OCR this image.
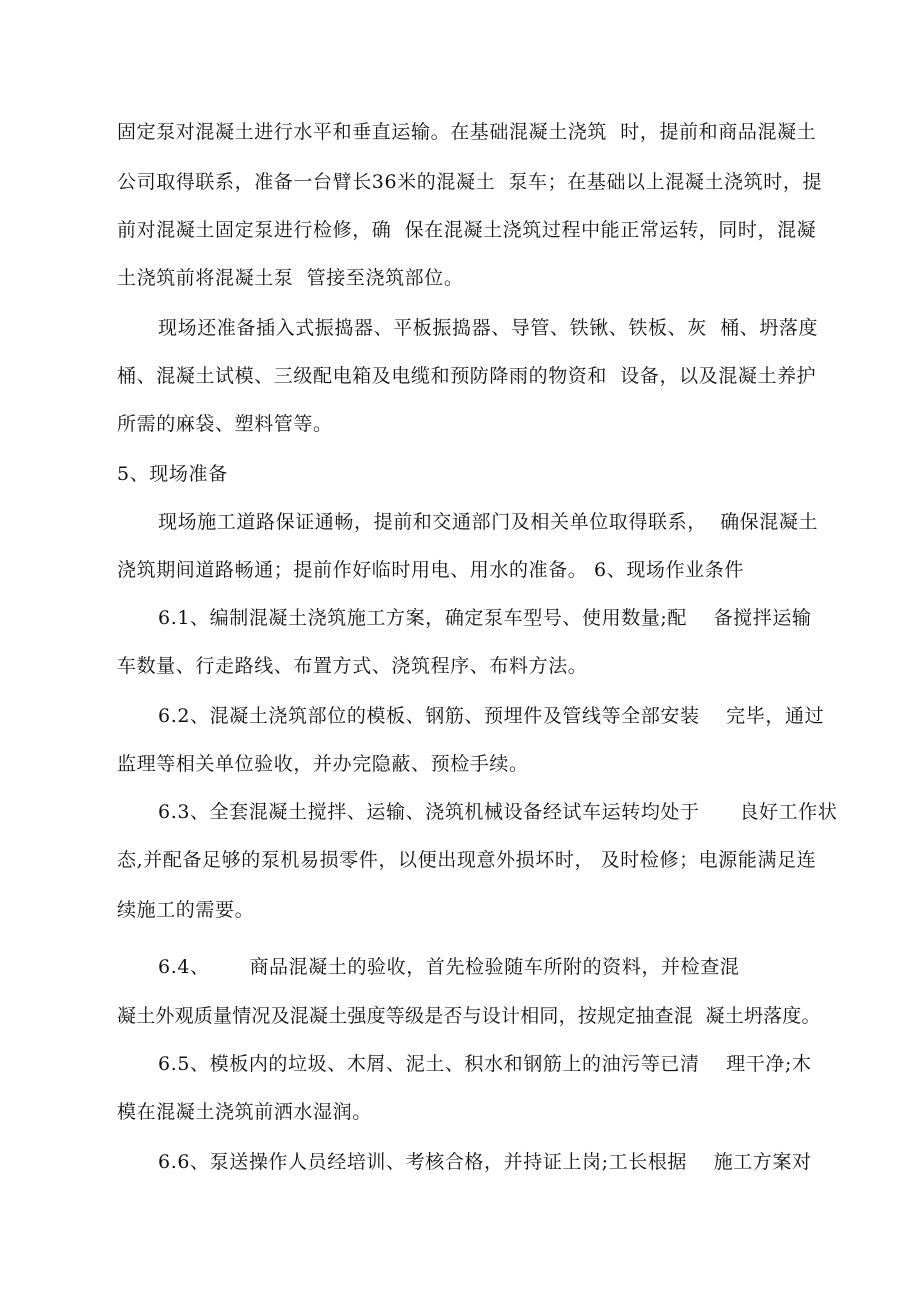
固定泵对混凝土进行水平和垂直运输。在基础混凝土浇筑  时，提前和商品混凝土
公司取得联系，准备一台臂长36米的混凝土  泵车；在基础以上混凝土浇筑时，提
前对混凝土固定泵进行检修，确  保在混凝土浇筑过程中能正常运转，同时，混凝
土浇筑前将混凝土泵  管接至浇筑部位。
现场还准备插入式振捣器、平板振捣器、导管、铁锹、铁板、灰  桶、坍落度
桶、混凝土试模、三级配电箱及电缆和预防降雨的物资和  设备，以及混凝土养护
所需的麻袋、塑料管等。
5、现场准备
现场施工道路保证通畅，提前和交通部门及相关单位取得联系，  确保混凝土
浇筑期间道路畅通；提前作好临时用电、用水的准备。 6、现场作业条件
6.1、编制混凝土浇筑施工方案，确定泵车型号、使用数量;配    备搅拌运输
车数量、行走路线、布置方式、浇筑程序、布料方法。
6.2、混凝土浇筑部位的模板、钢筋、预埋件及管线等全部安装    完毕，通过
监理等相关单位验收，并办完隐蔽、预检手续。
6.3、全套混凝土搅拌、运输、浇筑机械设备经试车运转均处于      良好工作状
态,并配备足够的泵机易损零件，以便出现意外损坏时， 及时检修；电源能满足连
续施工的需要。
6.4、      商品混凝土的验收，首先检验随车所附的资料，并检查混
凝土外观质量情况及混凝土强度等级是否与设计相同，按规定抽查混  凝土坍落度。
6.5、模板内的垃圾、木屑、泥土、积水和钢筋上的油污等已清    理干净;木
模在混凝土浇筑前洒水湿润。
6.6、泵送操作人员经培训、考核合格，并持证上岗;工长根据    施工方案对
